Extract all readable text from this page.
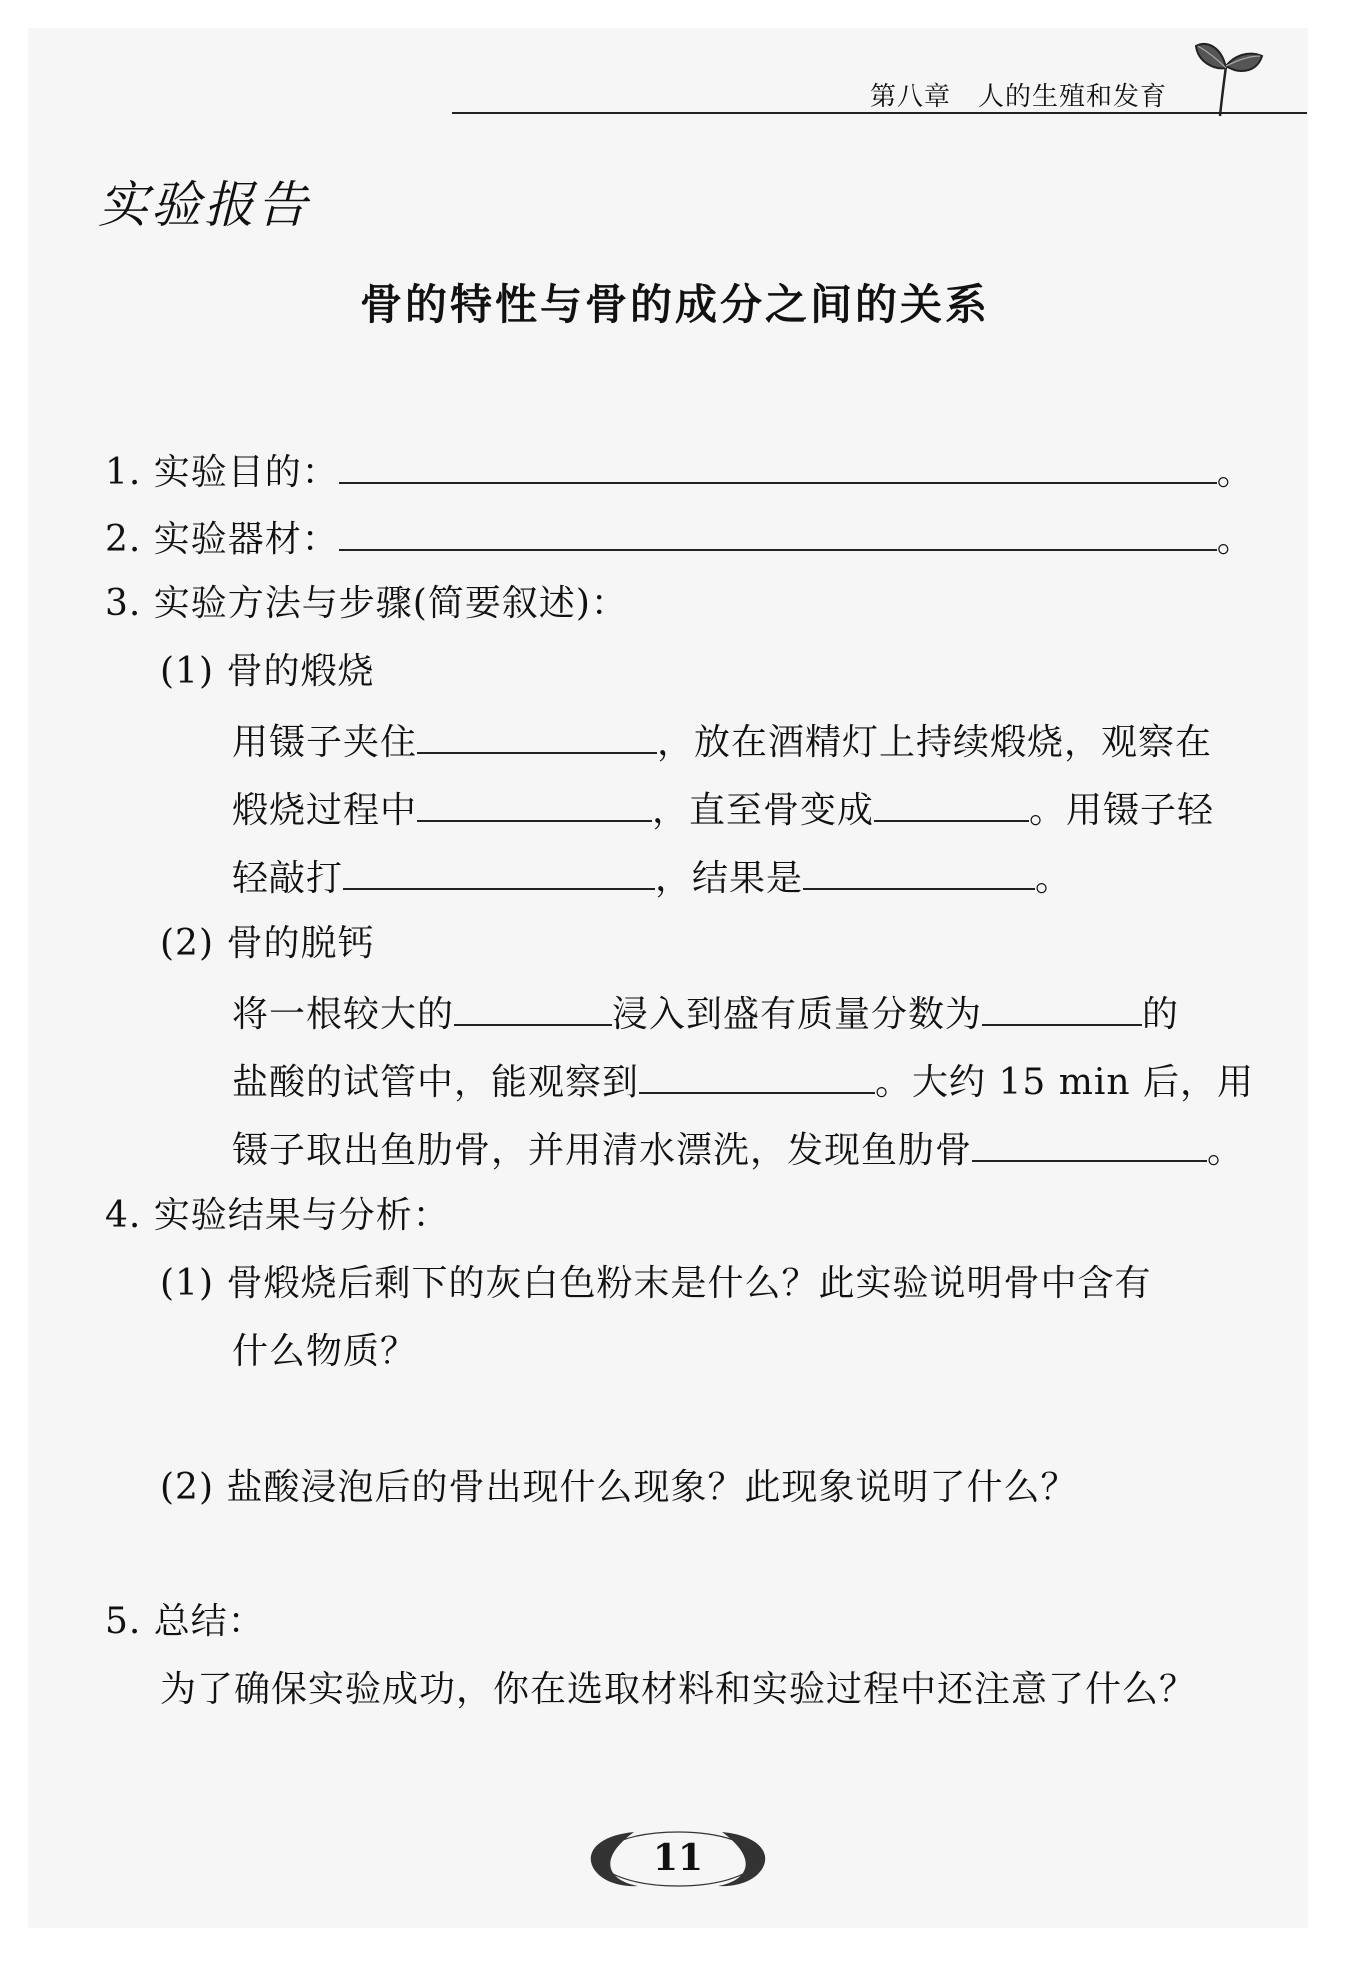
第八章　人的生殖和发育
实验报告
骨的特性与骨的成分之间的关系
1. 实验目的：	。
2. 实验器材：	。
3. 实验方法与步骤(简要叙述)：
(1) 骨的煅烧
用镊子夹住	，放在酒精灯上持续煅烧，观察在
煅烧过程中	，直至骨变成	。用镊子轻
轻敲打	，结果是	。
(2) 骨的脱钙
将一根较大的	浸入到盛有质量分数为	的
盐酸的试管中，能观察到	。大约 15 min 后，用
镊子取出鱼肋骨，并用清水漂洗，发现鱼肋骨	。
4. 实验结果与分析：
(1) 骨煅烧后剩下的灰白色粉末是什么？此实验说明骨中含有
什么物质？
(2) 盐酸浸泡后的骨出现什么现象？此现象说明了什么？
5. 总结：
为了确保实验成功，你在选取材料和实验过程中还注意了什么？
11
